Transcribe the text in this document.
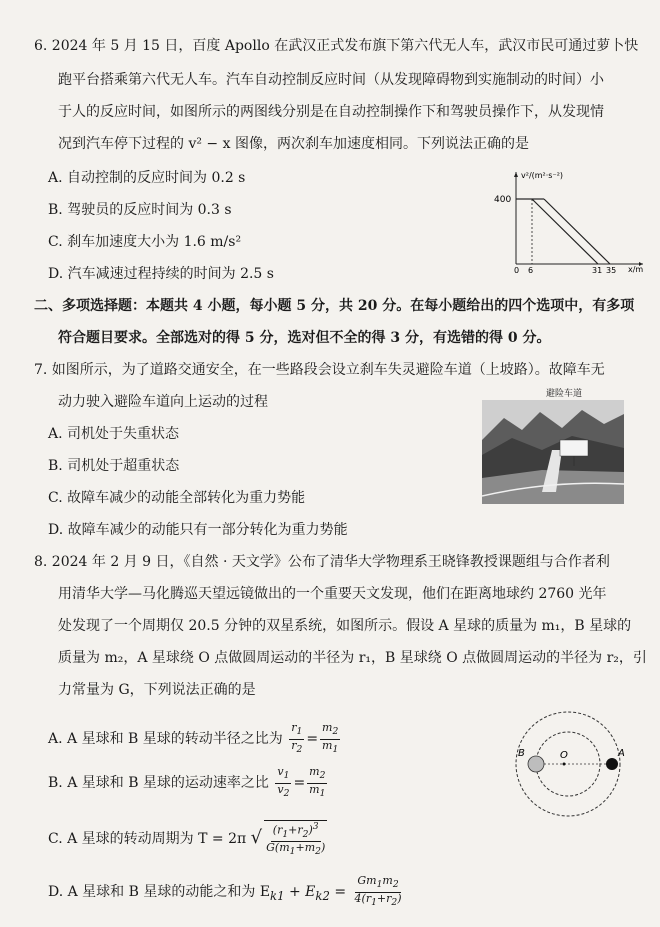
6. 2024 年 5 月 15 日，百度 Apollo 在武汉正式发布旗下第六代无人车，武汉市民可通过萝卜快
跑平台搭乘第六代无人车。汽车自动控制反应时间（从发现障碍物到实施制动的时间）小
于人的反应时间，如图所示的两图线分别是在自动控制操作下和驾驶员操作下，从发现情
况到汽车停下过程的 v² − x 图像，两次刹车加速度相同。下列说法正确的是
A. 自动控制的反应时间为 0.2 s
B. 驾驶员的反应时间为 0.3 s
C. 刹车加速度大小为 1.6 m/s²
D. 汽车减速过程持续的时间为 2.5 s
v²/(m²·s⁻²)
x/m
400
0 6	31 35
二、多项选择题：本题共 4 小题，每小题 5 分，共 20 分。在每小题给出的四个选项中，有多项
符合题目要求。全部选对的得 5 分，选对但不全的得 3 分，有选错的得 0 分。
7. 如图所示，为了道路交通安全，在一些路段会设立刹车失灵避险车道（上坡路）。故障车无
动力驶入避险车道向上运动的过程
A. 司机处于失重状态
B. 司机处于超重状态
C. 故障车减少的动能全部转化为重力势能
D. 故障车减少的动能只有一部分转化为重力势能
避险车道
8. 2024 年 2 月 9 日，《自然 · 天文学》公布了清华大学物理系王晓锋教授课题组与合作者利
用清华大学—马化腾巡天望远镜做出的一个重要天文发现，他们在距离地球约 2760 光年
处发现了一个周期仅 20.5 分钟的双星系统，如图所示。假设 A 星球的质量为 m₁，B 星球的
质量为 m₂，A 星球绕 O 点做圆周运动的半径为 r₁，B 星球绕 O 点做圆周运动的半径为 r₂，引
力常量为 G，下列说法正确的是
A. A 星球和 B 星球的转动半径之比为 $\frac{r_1}{r_2} = \frac{m_2}{m_1}$
B. A 星球和 B 星球的运动速率之比 $\frac{v_1}{v_2} = \frac{m_2}{m_1}$
C. A 星球的转动周期为 T = 2π √ $\frac{(r_1+r_2)^3}{G(m_1+m_2)}$
D. A 星球和 B 星球的动能之和为 $E_{k1} + E_{k2} = \frac{Gm_1m_2}{4(r_1+r_2)}$
B	O	A
